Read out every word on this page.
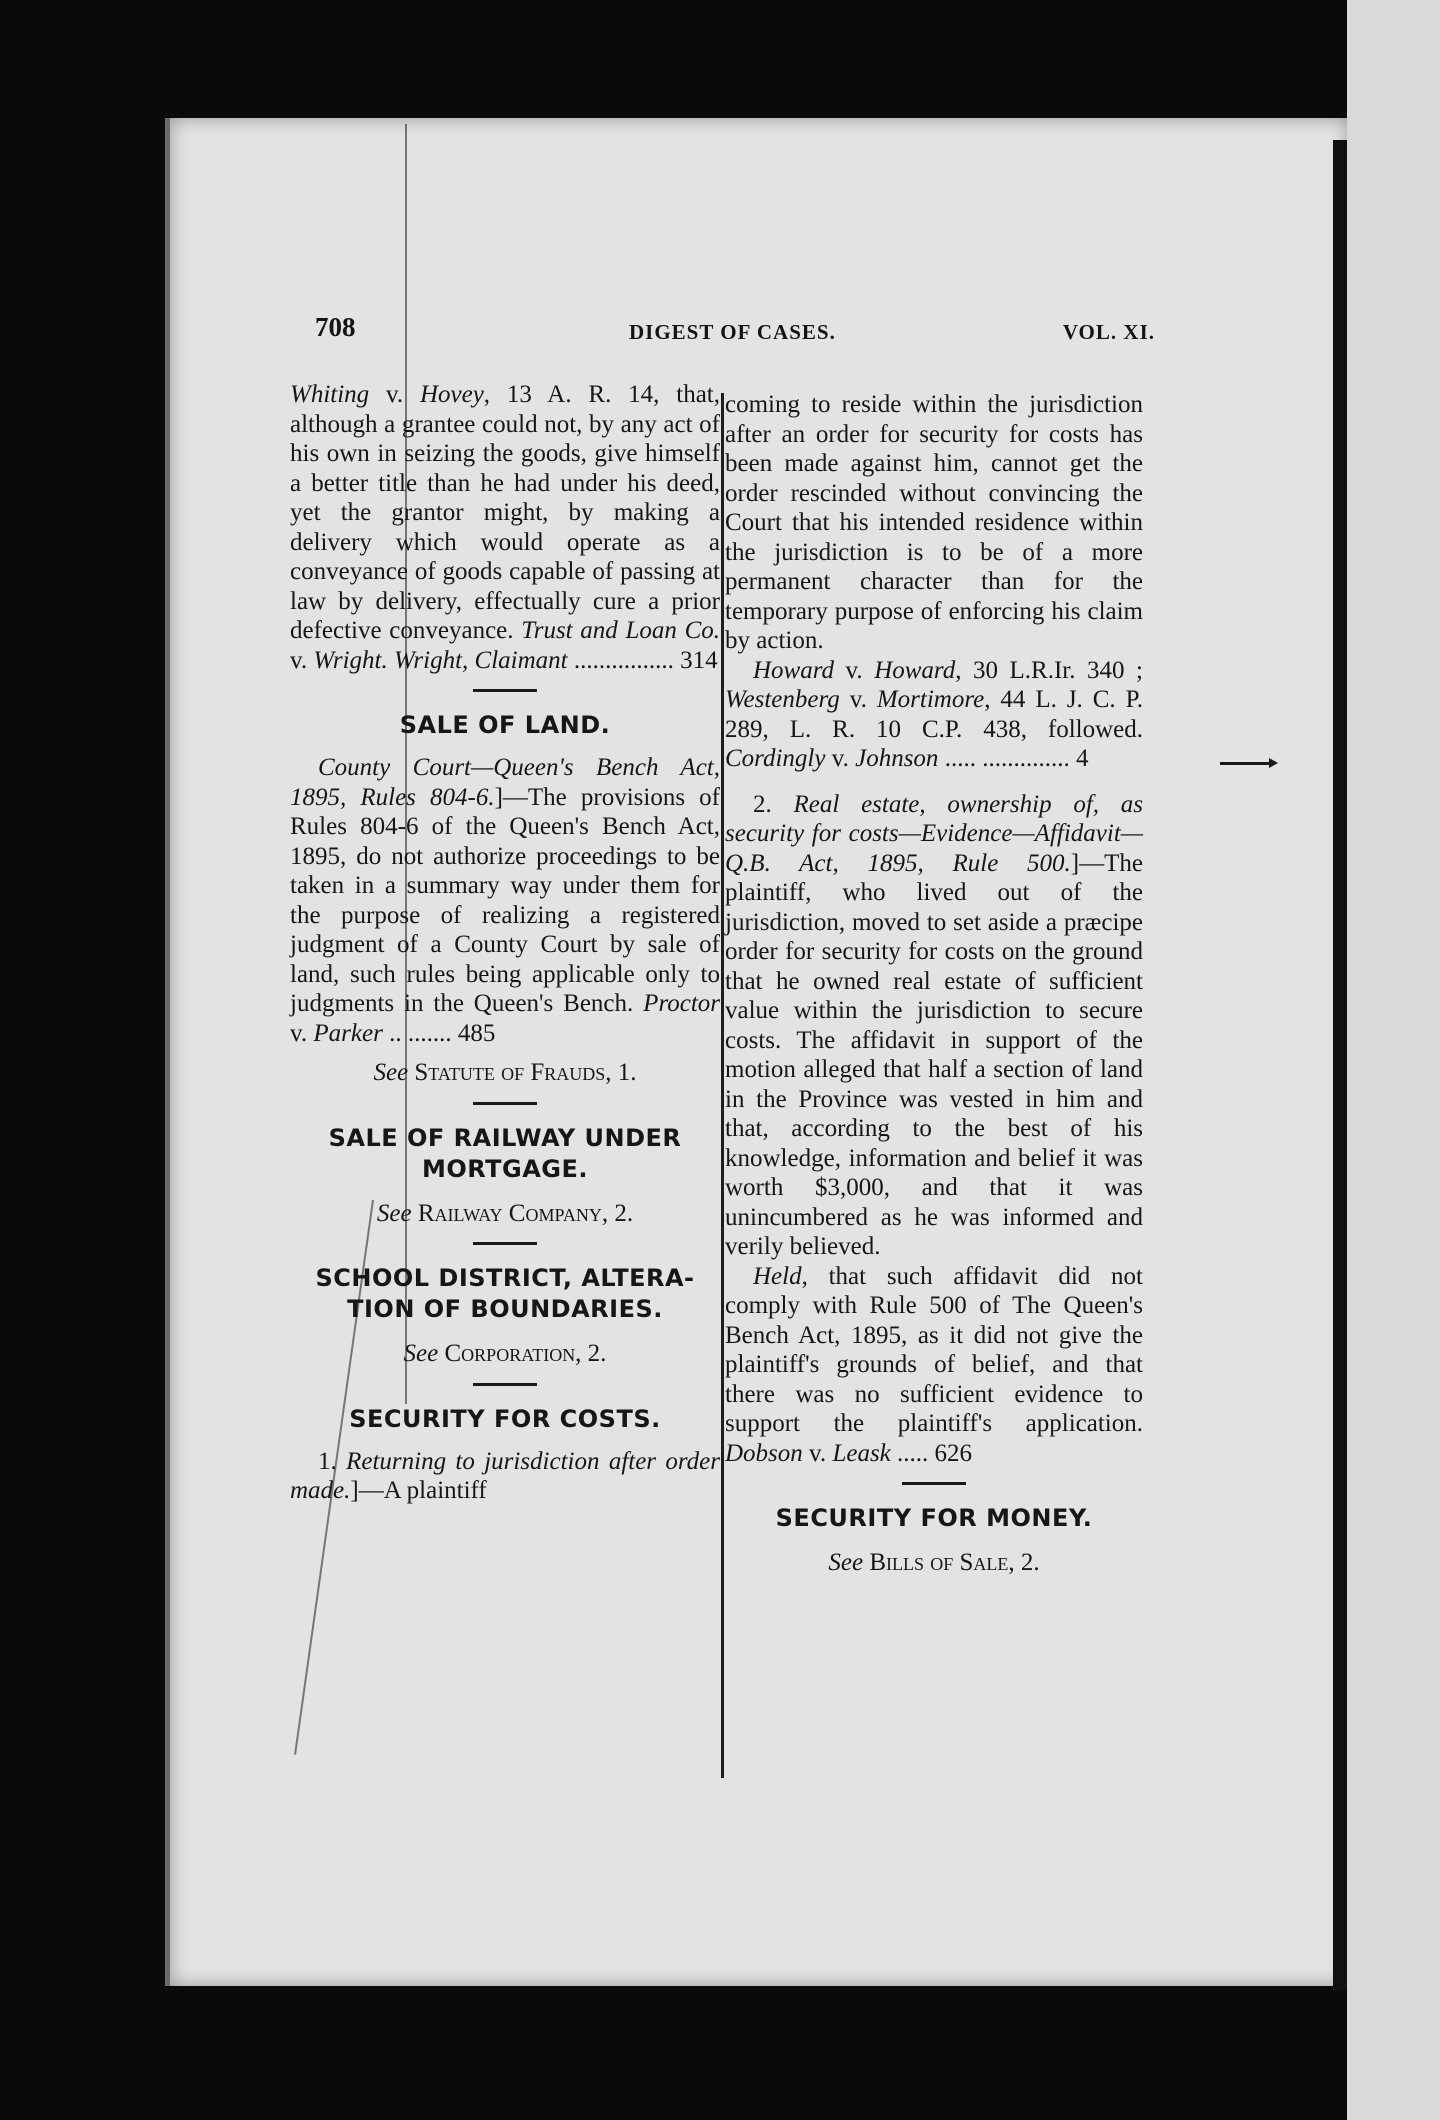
708	DIGEST OF CASES.	VOL. XI.

Whiting v. Hovey, 13 A. R. 14, that, although a grantee could not, by any act of his own in seizing the goods, give himself a better title than he had under his deed, yet the grantor might, by making a delivery which would operate as a conveyance of goods capable of passing at law by delivery, effectually cure a prior defective conveyance. Trust and Loan Co. v. Wright. Wright, Claimant ................ 314

SALE OF LAND.

County Court—Queen's Bench Act, 1895, Rules 804-6.]—The provisions of Rules 804-6 of the Queen's Bench Act, 1895, do not authorize proceedings to be taken in a summary way under them for the purpose of realizing a registered judgment of a County Court by sale of land, such rules being applicable only to judgments in the Queen's Bench. Proctor v. Parker .. ....... 485

See Statute of Frauds, 1.

SALE OF RAILWAY UNDER
MORTGAGE.

See Railway Company, 2.

SCHOOL DISTRICT, ALTERA-
TION OF BOUNDARIES.

See Corporation, 2.

SECURITY FOR COSTS.

1. Returning to jurisdiction after order made.]—A plaintiff

coming to reside within the jurisdiction after an order for security for costs has been made against him, cannot get the order rescinded without convincing the Court that his intended residence within the jurisdiction is to be of a more permanent character than for the temporary purpose of enforcing his claim by action.

Howard v. Howard, 30 L.R.Ir. 340 ; Westenberg v. Mortimore, 44 L. J. C. P. 289, L. R. 10 C.P. 438, followed. Cordingly v. Johnson ..... .............. 4

2. Real estate, ownership of, as security for costs—Evidence—Affidavit—Q.B. Act, 1895, Rule 500.]—The plaintiff, who lived out of the jurisdiction, moved to set aside a præcipe order for security for costs on the ground that he owned real estate of sufficient value within the jurisdiction to secure costs. The affidavit in support of the motion alleged that half a section of land in the Province was vested in him and that, according to the best of his knowledge, information and belief it was worth $3,000, and that it was unincumbered as he was informed and verily believed.

Held, that such affidavit did not comply with Rule 500 of The Queen's Bench Act, 1895, as it did not give the plaintiff's grounds of belief, and that there was no sufficient evidence to support the plaintiff's application. Dobson v. Leask ..... 626

SECURITY FOR MONEY.

See Bills of Sale, 2.
